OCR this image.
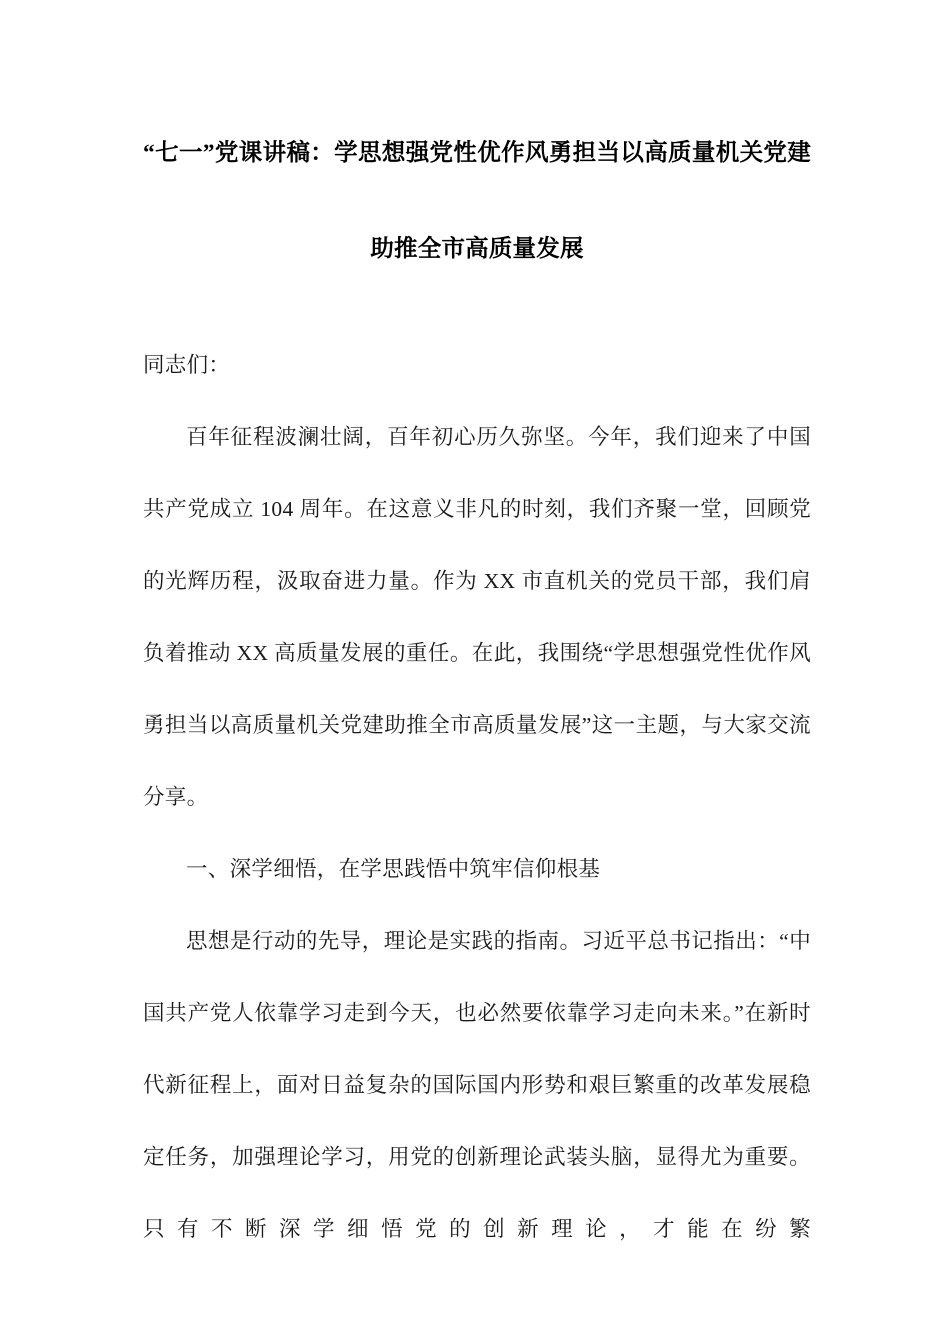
“七一”党课讲稿：学思想强党性优作风勇担当以高质量机关党建
助推全市高质量发展

同志们：

百年征程波澜壮阔，百年初心历久弥坚。今年，我们迎来了中国共产党成立 104 周年。在这意义非凡的时刻，我们齐聚一堂，回顾党的光辉历程，汲取奋进力量。作为 XX 市直机关的党员干部，我们肩负着推动 XX 高质量发展的重任。在此，我围绕“学思想强党性优作风勇担当以高质量机关党建助推全市高质量发展”这一主题，与大家交流分享。

一、深学细悟，在学思践悟中筑牢信仰根基

思想是行动的先导，理论是实践的指南。习近平总书记指出：“中国共产党人依靠学习走到今天，也必然要依靠学习走向未来。”在新时代新征程上，面对日益复杂的国际国内形势和艰巨繁重的改革发展稳定任务，加强理论学习，用党的创新理论武装头脑，显得尤为重要。只有不断深学细悟党的创新理论，才能在纷繁
